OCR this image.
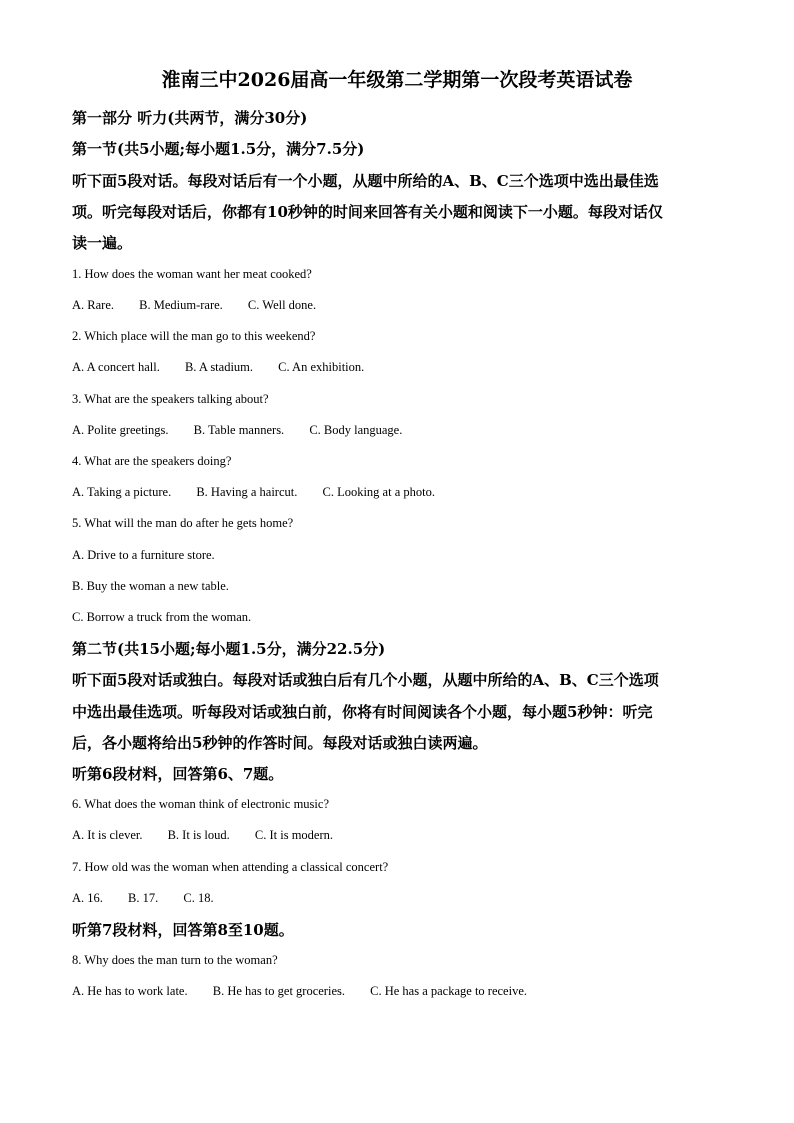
淮南三中2026届高一年级第二学期第一次段考英语试卷
第一部分 听力(共两节，满分30分)
第一节(共5小题;每小题1.5分，满分7.5分)
听下面5段对话。每段对话后有一个小题，从题中所给的A、B、C三个选项中选出最佳选
项。听完每段对话后，你都有10秒钟的时间来回答有关小题和阅读下一小题。每段对话仅
读一遍。
1. How does the woman want her meat cooked?
A. Rare. B. Medium-rare. C. Well done.
2. Which place will the man go to this weekend?
A. A concert hall. B. A stadium. C. An exhibition.
3. What are the speakers talking about?
A. Polite greetings. B. Table manners. C. Body language.
4. What are the speakers doing?
A. Taking a picture. B. Having a haircut. C. Looking at a photo.
5. What will the man do after he gets home?
A. Drive to a furniture store.
B. Buy the woman a new table.
C. Borrow a truck from the woman.
第二节(共15小题;每小题1.5分，满分22.5分)
听下面5段对话或独白。每段对话或独白后有几个小题，从题中所给的A、B、C三个选项
中选出最佳选项。听每段对话或独白前，你将有时间阅读各个小题，每小题5秒钟：听完
后，各小题将给出5秒钟的作答时间。每段对话或独白读两遍。
听第6段材料，回答第6、7题。
6. What does the woman think of electronic music?
A. It is clever. B. It is loud. C. It is modern.
7. How old was the woman when attending a classical concert?
A. 16. B. 17. C. 18.
听第7段材料，回答第8至10题。
8. Why does the man turn to the woman?
A. He has to work late. B. He has to get groceries. C. He has a package to receive.
